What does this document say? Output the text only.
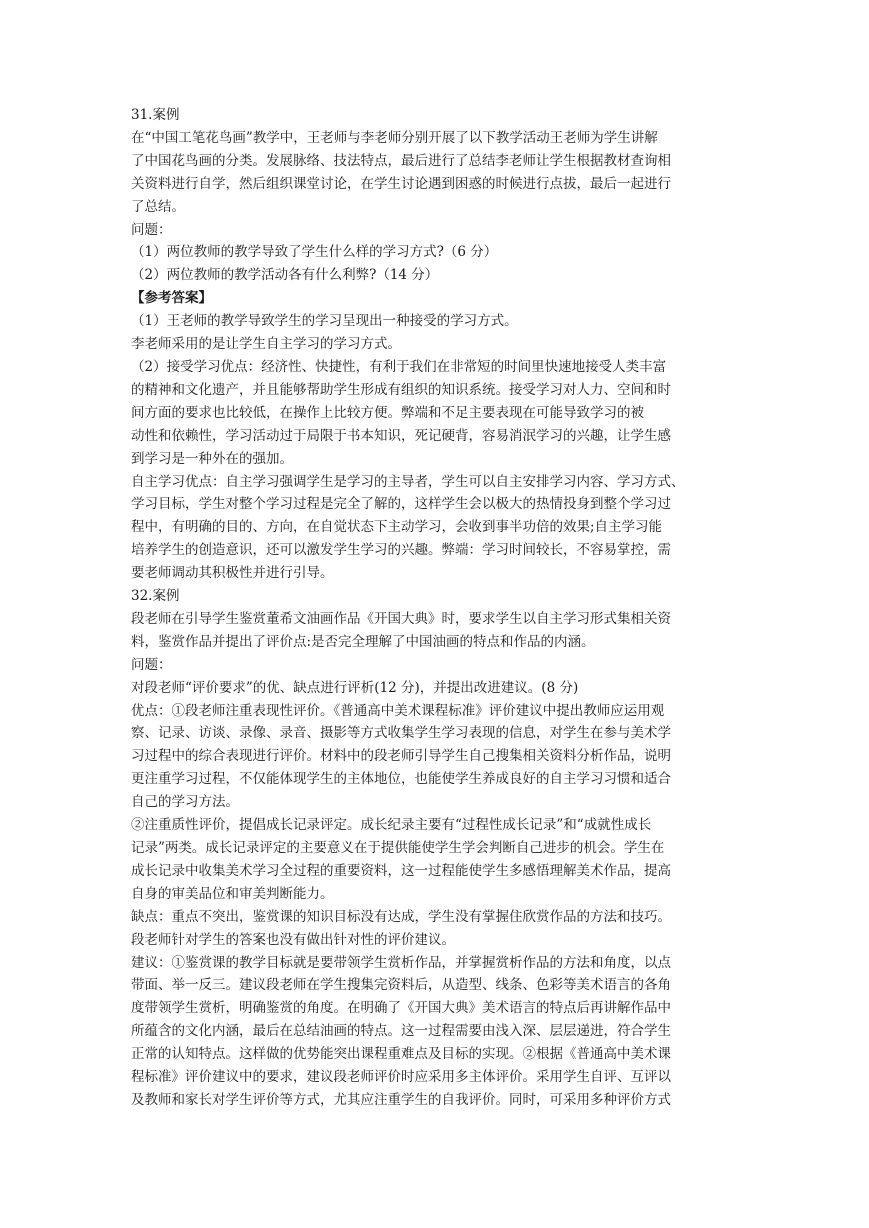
31.案例
在“中国工笔花鸟画”教学中，王老师与李老师分别开展了以下教学活动王老师为学生讲解
了中国花鸟画的分类。发展脉络、技法特点，最后进行了总结李老师让学生根据教材查询相
关资料进行自学，然后组织课堂讨论，在学生讨论遇到困惑的时候进行点拔，最后一起进行
了总结。
问题：
（1）两位教师的教学导致了学生什么样的学习方式?（6 分）
（2）两位教师的教学活动各有什么利弊?（14 分）
【参考答案】
（1）王老师的教学导致学生的学习呈现出一种接受的学习方式。
李老师采用的是让学生自主学习的学习方式。
（2）接受学习优点：经济性、快捷性，有利于我们在非常短的时间里快速地接受人类丰富
的精神和文化遗产，并且能够帮助学生形成有组织的知识系统。接受学习对人力、空间和时
间方面的要求也比较低，在操作上比较方便。弊端和不足主要表现在可能导致学习的被
动性和依赖性，学习活动过于局限于书本知识，死记硬背，容易消泯学习的兴趣，让学生感
到学习是一种外在的强加。
自主学习优点：自主学习强调学生是学习的主导者，学生可以自主安排学习内容、学习方式、
学习目标，学生对整个学习过程是完全了解的，这样学生会以极大的热情投身到整个学习过
程中，有明确的目的、方向，在自觉状态下主动学习，会收到事半功倍的效果;自主学习能
培养学生的创造意识，还可以激发学生学习的兴趣。弊端：学习时间较长，不容易掌控，需
要老师调动其积极性并进行引导。
32.案例
段老师在引导学生鉴赏董希文油画作品《开国大典》时，要求学生以自主学习形式集相关资
料，鉴赏作品并提出了评价点:是否完全理解了中国油画的特点和作品的内涵。
问题：
对段老师“评价要求”的优、缺点进行评析(12 分)，并提出改进建议。(8 分)
优点：①段老师注重表现性评价。《普通高中美术课程标准》评价建议中提出教师应运用观
察、记录、访谈、录像、录音、摄影等方式收集学生学习表现的信息，对学生在参与美术学
习过程中的综合表现进行评价。材料中的段老师引导学生自己搜集相关资料分析作品，说明
更注重学习过程，不仅能体现学生的主体地位，也能使学生养成良好的自主学习习惯和适合
自己的学习方法。
②注重质性评价，提倡成长记录评定。成长纪录主要有“过程性成长记录”和“成就性成长
记录”两类。成长记录评定的主要意义在于提供能使学生学会判断自己进步的机会。学生在
成长记录中收集美术学习全过程的重要资料，这一过程能使学生多感悟理解美术作品，提高
自身的审美品位和审美判断能力。
缺点：重点不突出，鉴赏课的知识目标没有达成，学生没有掌握住欣赏作品的方法和技巧。
段老师针对学生的答案也没有做出针对性的评价建议。
建议：①鉴赏课的教学目标就是要带领学生赏析作品，并掌握赏析作品的方法和角度，以点
带面、举一反三。建议段老师在学生搜集完资料后，从造型、线条、色彩等美术语言的各角
度带领学生赏析，明确鉴赏的角度。在明确了《开国大典》美术语言的特点后再讲解作品中
所蕴含的文化内涵，最后在总结油画的特点。这一过程需要由浅入深、层层递进，符合学生
正常的认知特点。这样做的优势能突出课程重难点及目标的实现。②根据《普通高中美术课
程标准》评价建议中的要求，建议段老师评价时应采用多主体评价。采用学生自评、互评以
及教师和家长对学生评价等方式，尤其应注重学生的自我评价。同时，可采用多种评价方式
